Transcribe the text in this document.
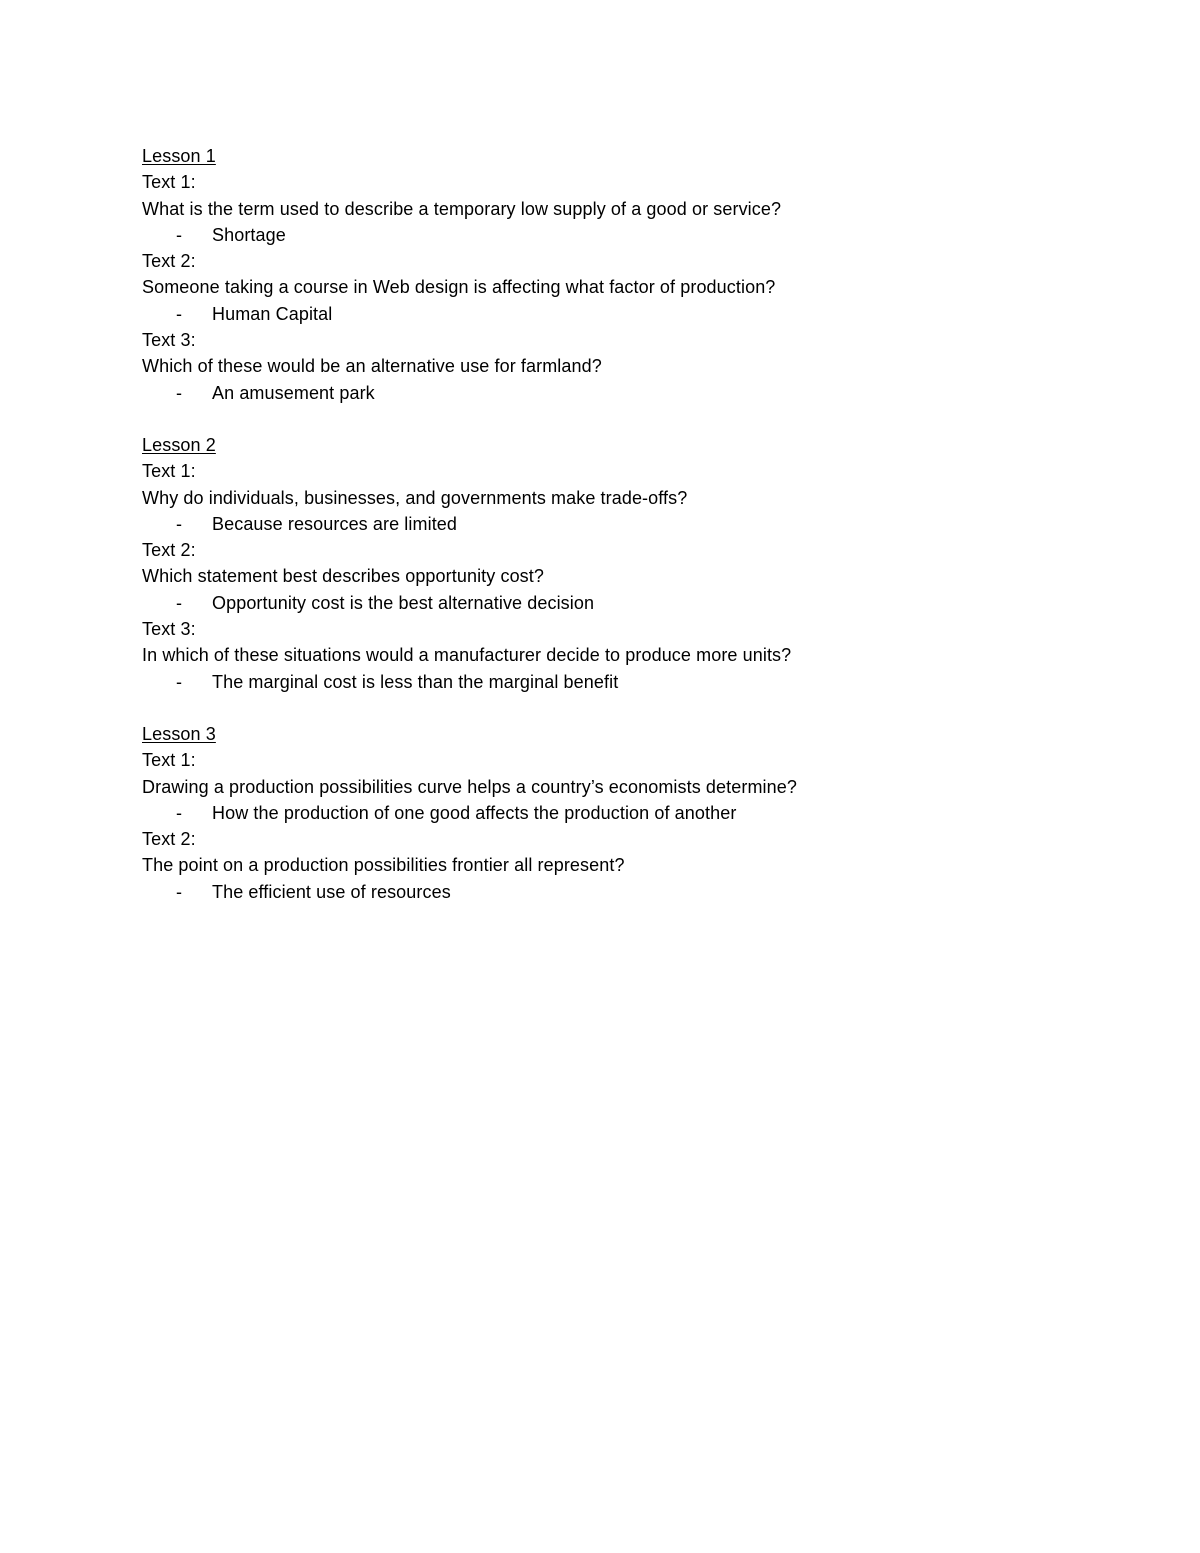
Lesson 1
Text 1:
What is the term used to describe a temporary low supply of a good or service?
-	Shortage
Text 2:
Someone taking a course in Web design is affecting what factor of production?
-	Human Capital
Text 3:
Which of these would be an alternative use for farmland?
-	An amusement park
Lesson 2
Text 1:
Why do individuals, businesses, and governments make trade-offs?
-	Because resources are limited
Text 2:
Which statement best describes opportunity cost?
-	Opportunity cost is the best alternative decision
Text 3:
In which of these situations would a manufacturer decide to produce more units?
-	The marginal cost is less than the marginal benefit
Lesson 3
Text 1:
Drawing a production possibilities curve helps a country’s economists determine?
-	How the production of one good affects the production of another
Text 2:
The point on a production possibilities frontier all represent?
-	The efficient use of resources
